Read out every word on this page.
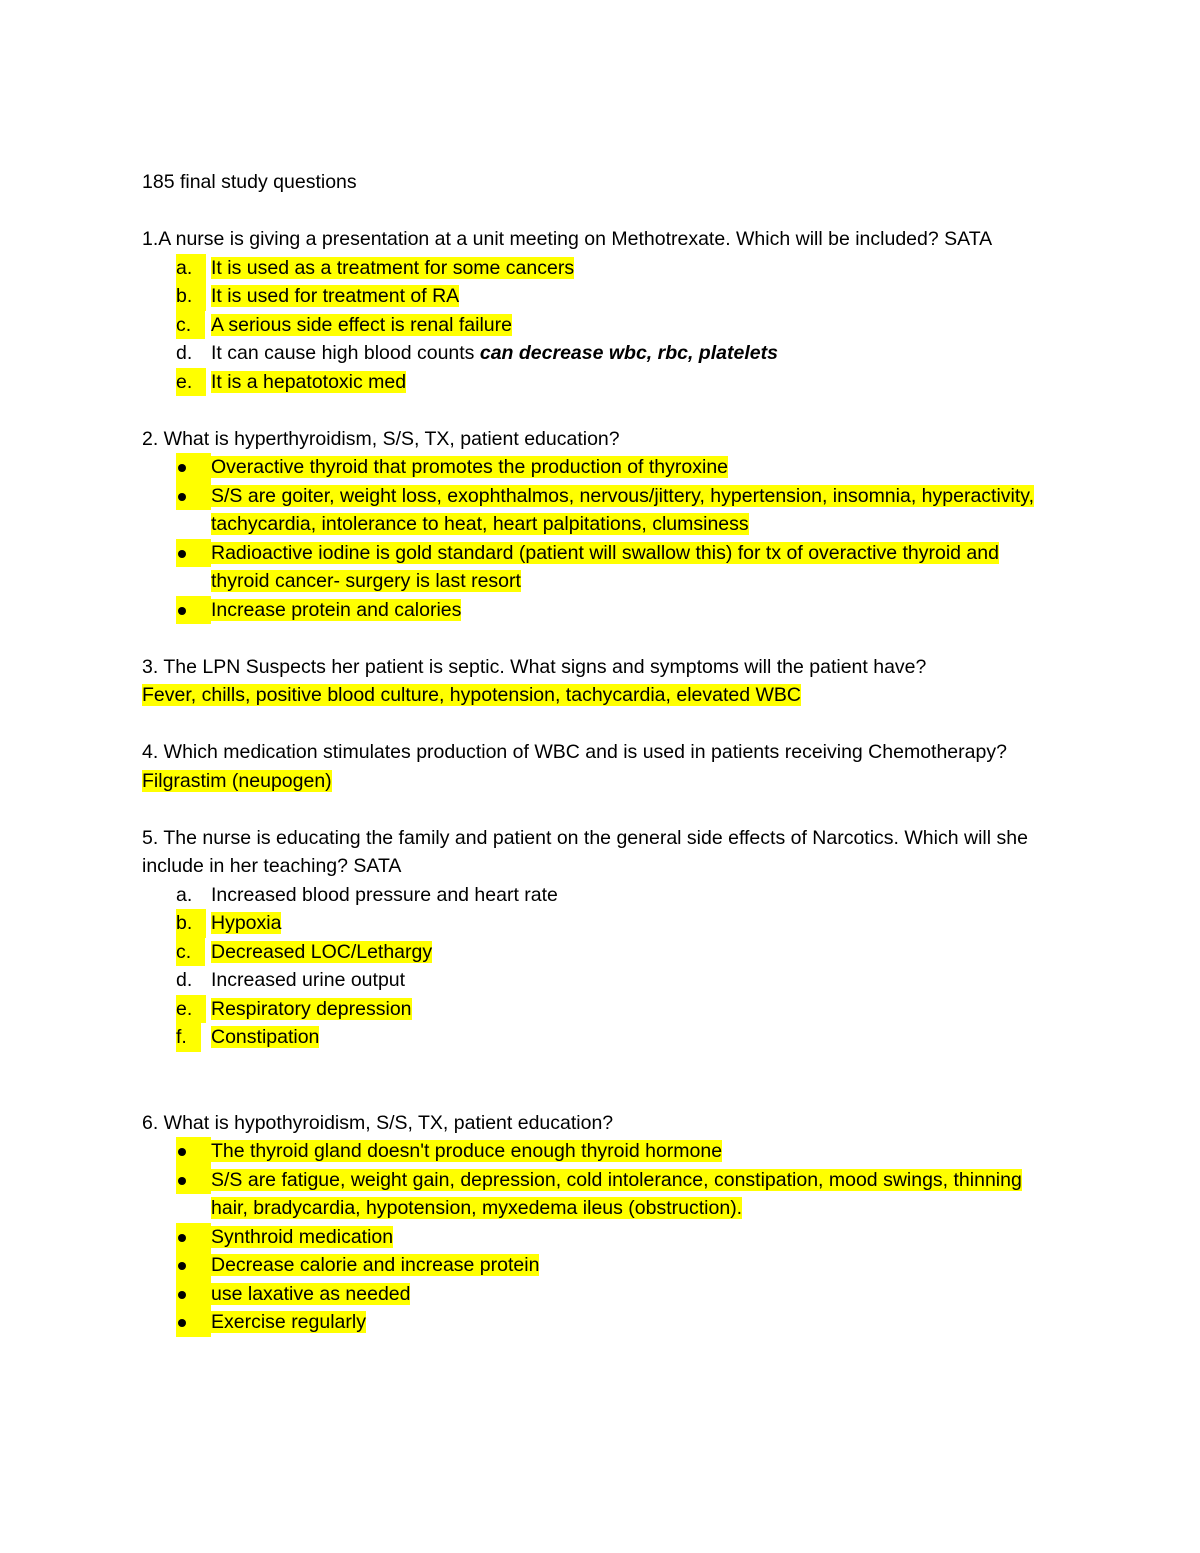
185 final study questions

1.A nurse is giving a presentation at a unit meeting on Methotrexate. Which will be included? SATA

a. It is used as a treatment for some cancers
b. It is used for treatment of RA
c.	A serious side effect is renal failure
d. It can cause high blood counts can decrease wbc, rbc, platelets
e. It is a hepatotoxic med

2. What is hyperthyroidism, S/S, TX, patient education?

Overactive thyroid that promotes the production of thyroxine
S/S are goiter, weight loss, exophthalmos, nervous/jittery, hypertension, insomnia, hyperactivity, tachycardia, intolerance to heat, heart palpitations, clumsiness
Radioactive iodine is gold standard (patient will swallow this) for tx of overactive thyroid and thyroid cancer- surgery is last resort
Increase protein and calories

3. The LPN Suspects her patient is septic. What signs and symptoms will the patient have?

Fever, chills, positive blood culture, hypotension, tachycardia, elevated WBC

4. Which medication stimulates production of WBC and is used in patients receiving Chemotherapy? Filgrastim (neupogen)

5. The nurse is educating the family and patient on the general side effects of Narcotics. Which will she include in her teaching? SATA

a. Increased blood pressure and heart rate
b. Hypoxia
c.	Decreased LOC/Lethargy
d. Increased urine output
e. Respiratory depression
f.	Constipation

6. What is hypothyroidism, S/S, TX, patient education?

The thyroid gland doesn't produce enough thyroid hormone
S/S are fatigue, weight gain, depression, cold intolerance, constipation, mood swings, thinning hair, bradycardia, hypotension, myxedema ileus (obstruction).
Synthroid medication
Decrease calorie and increase protein
use laxative as needed
Exercise regularly
